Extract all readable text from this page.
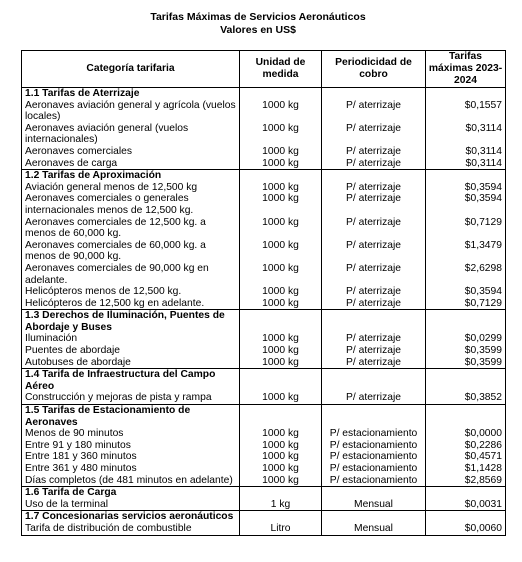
Tarifas Máximas de Servicios Aeronáuticos
Valores en US$
Categoría tarifaria	Unidad de medida	Periodicidad de cobro	Tarifas máximas 2023-2024
1.1 Tarifas de Aterrizaje			
Aeronaves aviación general y agrícola (vuelos locales)	1000 kg	P/ aterrizaje	$0,1557
Aeronaves aviación general (vuelos internacionales)	1000 kg	P/ aterrizaje	$0,3114
Aeronaves comerciales	1000 kg	P/ aterrizaje	$0,3114
Aeronaves de carga	1000 kg	P/ aterrizaje	$0,3114
1.2 Tarifas de Aproximación			
Aviación general menos de 12,500 kg	1000 kg	P/ aterrizaje	$0,3594
Aeronaves comerciales o generales internacionales menos de 12,500 kg.	1000 kg	P/ aterrizaje	$0,3594
Aeronaves comerciales de 12,500 kg. a menos de 60,000 kg.	1000 kg	P/ aterrizaje	$0,7129
Aeronaves comerciales de 60,000 kg. a menos de 90,000 kg.	1000 kg	P/ aterrizaje	$1,3479
Aeronaves comerciales de 90,000 kg en adelante.	1000 kg	P/ aterrizaje	$2,6298
Helicópteros menos de 12,500 kg.	1000 kg	P/ aterrizaje	$0,3594
Helicópteros de 12,500 kg en adelante.	1000 kg	P/ aterrizaje	$0,7129
1.3 Derechos de Iluminación, Puentes de Abordaje y Buses			
Iluminación	1000 kg	P/ aterrizaje	$0,0299
Puentes de abordaje	1000 kg	P/ aterrizaje	$0,3599
Autobuses de abordaje	1000 kg	P/ aterrizaje	$0,3599
1.4 Tarifa de Infraestructura del Campo Aéreo			
Construcción y mejoras de pista y rampa	1000 kg	P/ aterrizaje	$0,3852
1.5 Tarifas de Estacionamiento de Aeronaves			
Menos de 90 minutos	1000 kg	P/ estacionamiento	$0,0000
Entre 91 y 180 minutos	1000 kg	P/ estacionamiento	$0,2286
Entre 181 y 360 minutos	1000 kg	P/ estacionamiento	$0,4571
Entre 361 y 480 minutos	1000 kg	P/ estacionamiento	$1,1428
Días completos (de 481 minutos en adelante)	1000 kg	P/ estacionamiento	$2,8569
1.6 Tarifa de Carga			
Uso de la terminal	1 kg	Mensual	$0,0031
1.7 Concesionarias servicios aeronáuticos			
Tarifa de distribución de combustible	Litro	Mensual	$0,0060
